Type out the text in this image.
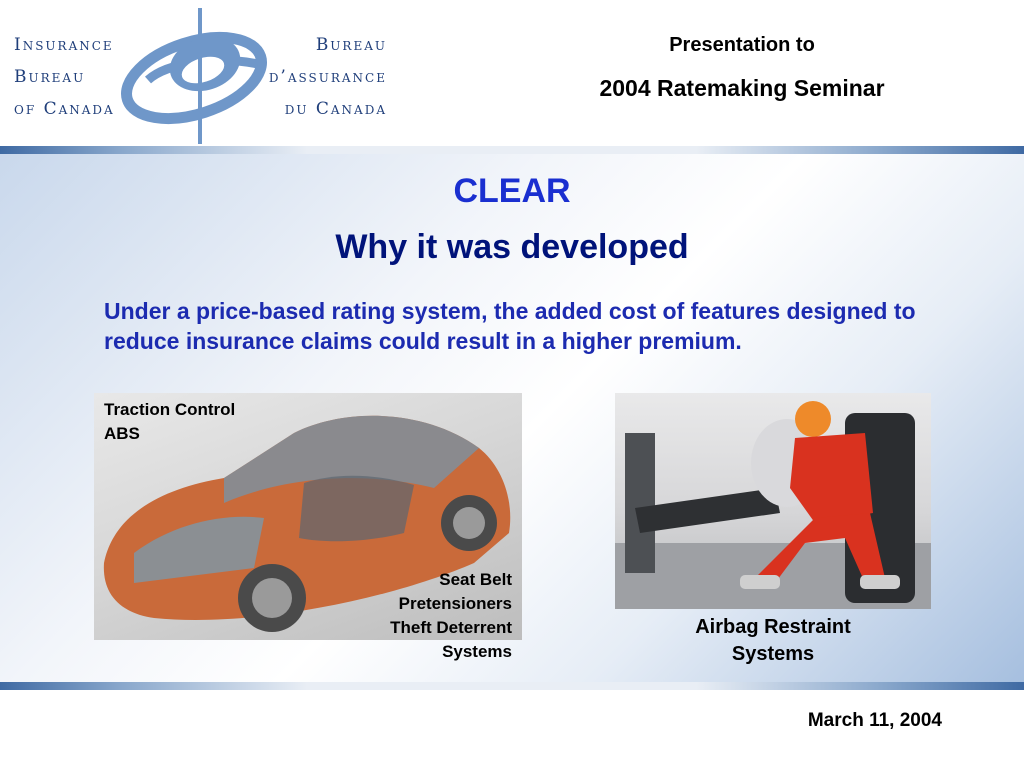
Insurance
Bureau
of Canada
Bureau
d’assurance
du Canada
Presentation to
2004 Ratemaking Seminar
CLEAR
Why it was developed
Under a price-based rating system, the added cost of features designed to reduce insurance claims could result in a higher premium.
Traction Control
ABS
Seat Belt
Pretensioners
Theft Deterrent
Systems
Airbag Restraint
Systems
March 11, 2004
